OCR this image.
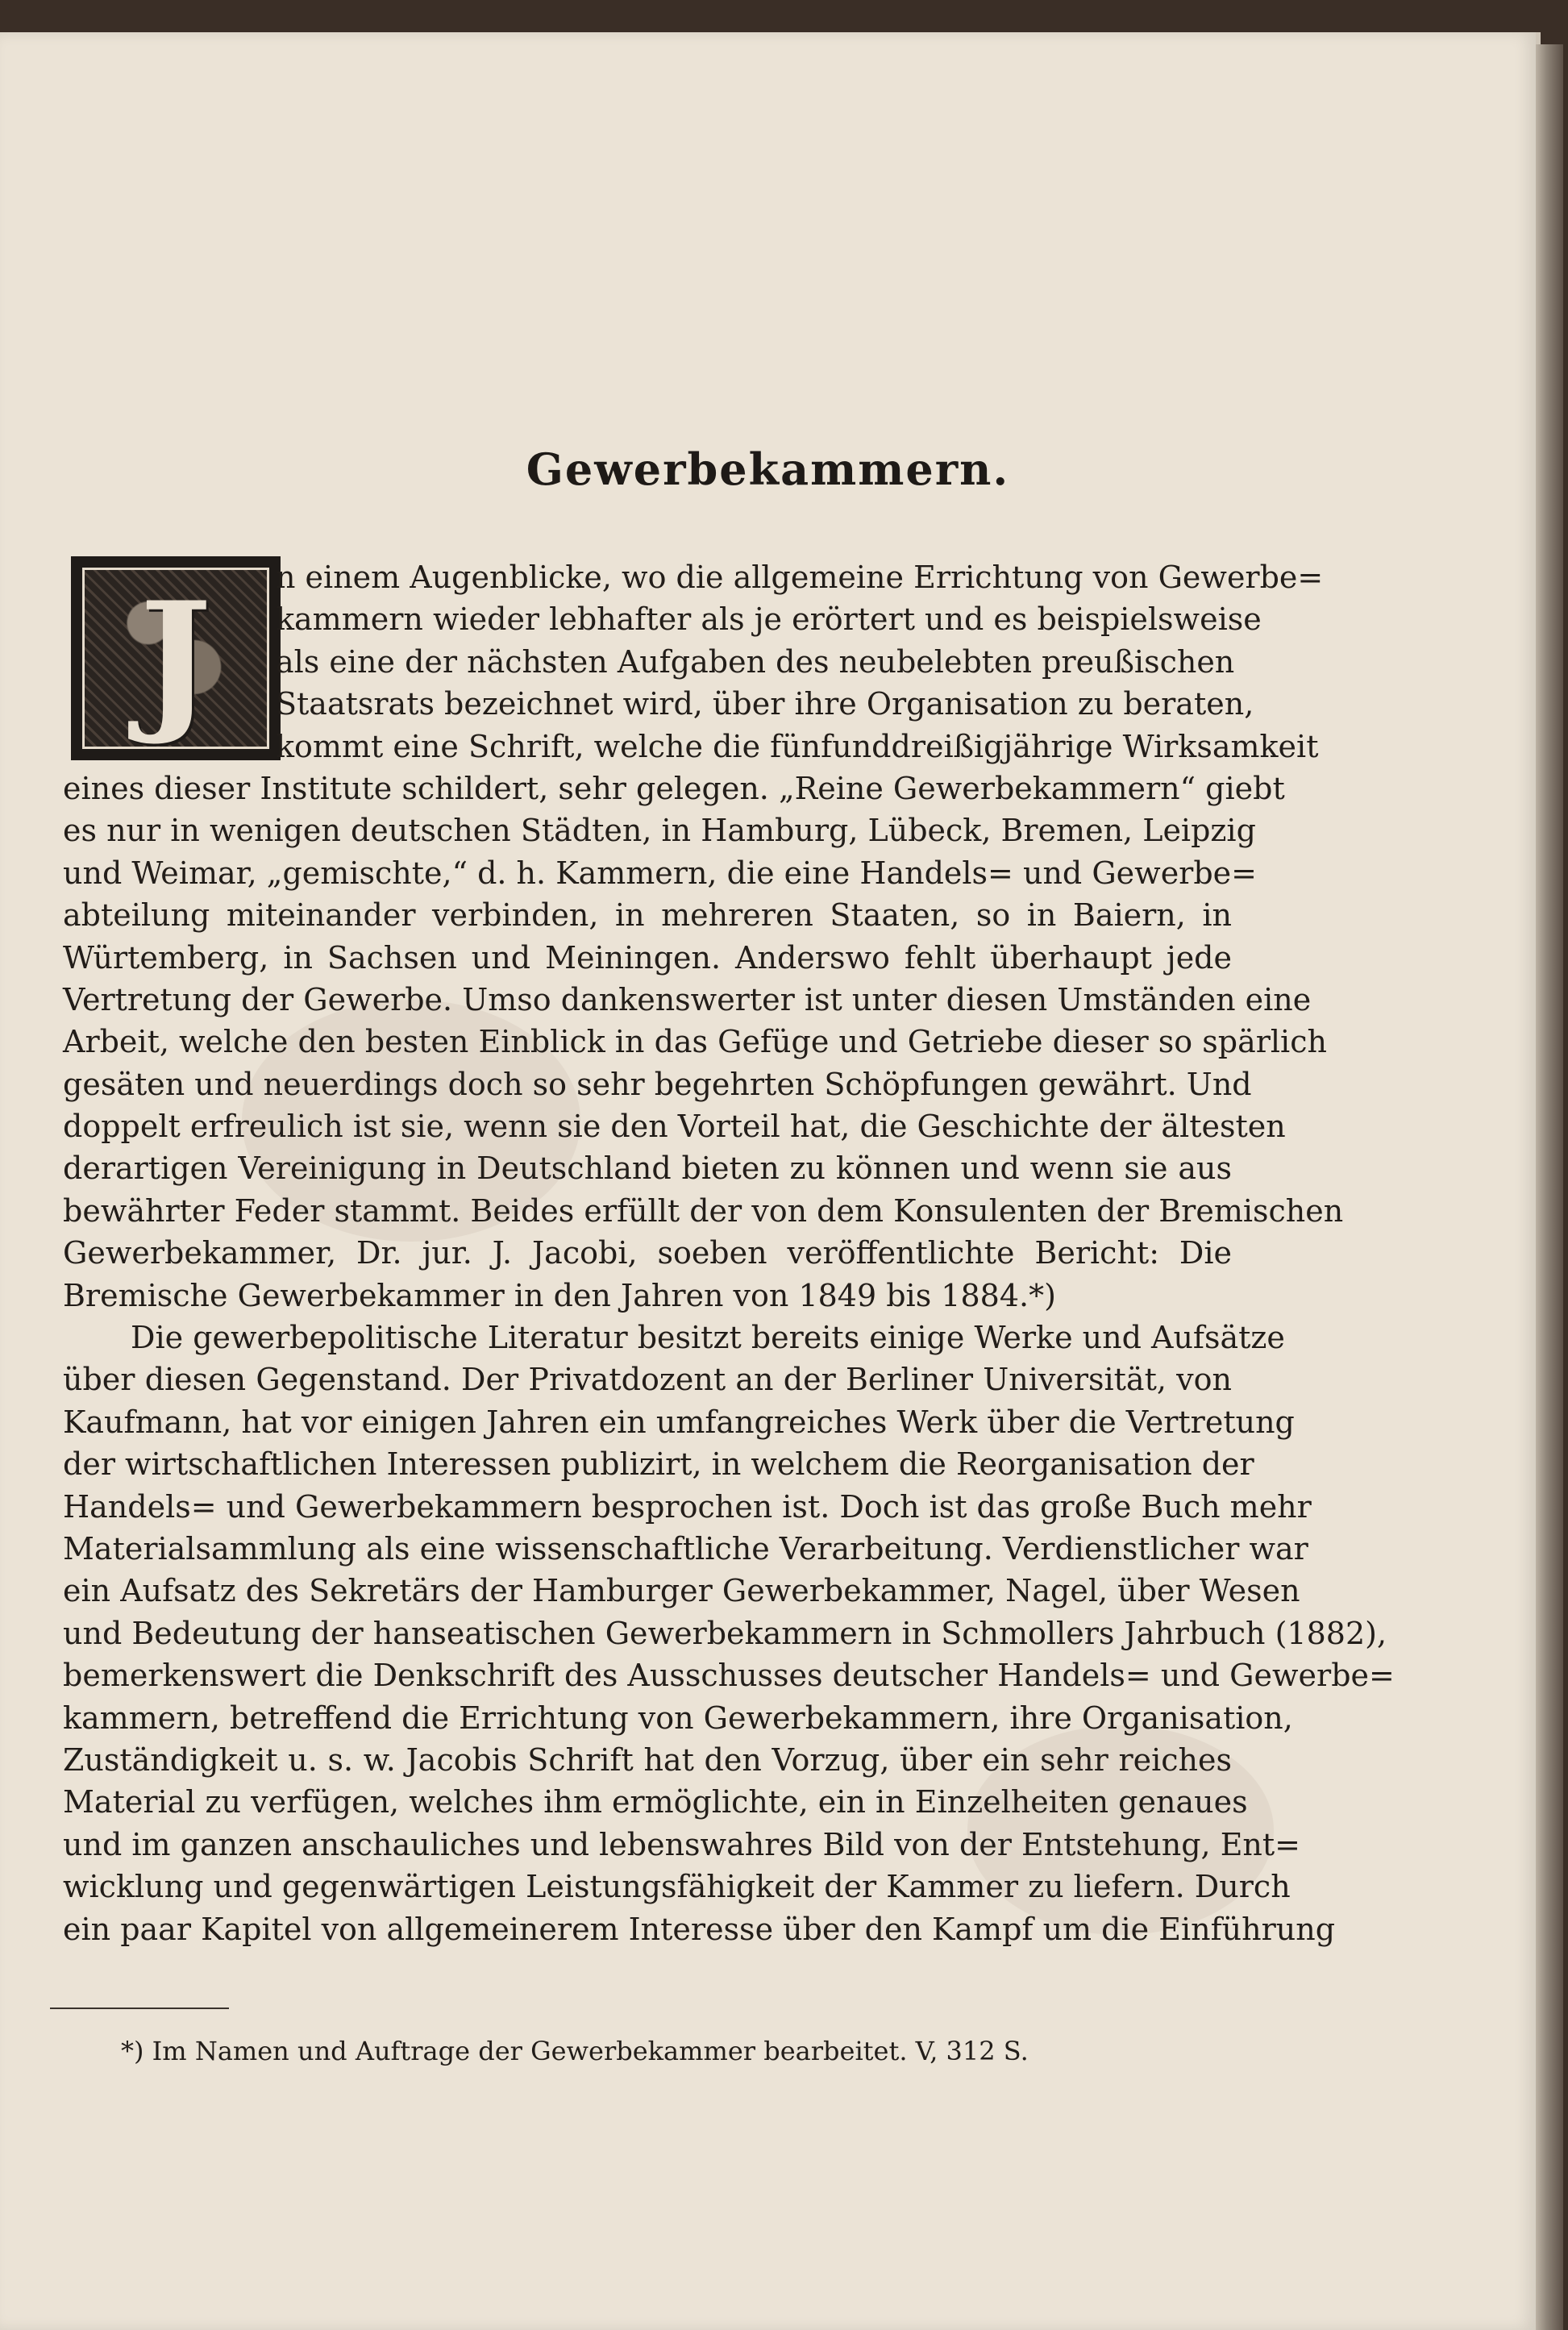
Gewerbekammern.
J	n einem Augenblicke, wo die allgemeine Errichtung von Gewerbe=
kammern wieder lebhafter als je erörtert und es beispielsweise
als eine der nächsten Aufgaben des neubelebten preußischen
Staatsrats bezeichnet wird, über ihre Organisation zu beraten,
kommt eine Schrift, welche die fünfunddreißigjährige Wirksamkeit
eines dieser Institute schildert, sehr gelegen. „Reine Gewerbekammern“ giebt
es nur in wenigen deutschen Städten, in Hamburg, Lübeck, Bremen, Leipzig
und Weimar, „gemischte,“ d. h. Kammern, die eine Handels= und Gewerbe=
abteilung miteinander verbinden, in mehreren Staaten, so in Baiern, in
Würtemberg, in Sachsen und Meiningen. Anderswo fehlt überhaupt jede
Vertretung der Gewerbe. Umso dankenswerter ist unter diesen Umständen eine
Arbeit, welche den besten Einblick in das Gefüge und Getriebe dieser so spärlich
gesäten und neuerdings doch so sehr begehrten Schöpfungen gewährt. Und
doppelt erfreulich ist sie, wenn sie den Vorteil hat, die Geschichte der ältesten
derartigen Vereinigung in Deutschland bieten zu können und wenn sie aus
bewährter Feder stammt. Beides erfüllt der von dem Konsulenten der Bremischen
Gewerbekammer, Dr. jur. J. Jacobi, soeben veröffentlichte Bericht: Die
Bremische Gewerbekammer in den Jahren von 1849 bis 1884.*)
Die gewerbepolitische Literatur besitzt bereits einige Werke und Aufsätze
über diesen Gegenstand. Der Privatdozent an der Berliner Universität, von
Kaufmann, hat vor einigen Jahren ein umfangreiches Werk über die Vertretung
der wirtschaftlichen Interessen publizirt, in welchem die Reorganisation der
Handels= und Gewerbekammern besprochen ist. Doch ist das große Buch mehr
Materialsammlung als eine wissenschaftliche Verarbeitung. Verdienstlicher war
ein Aufsatz des Sekretärs der Hamburger Gewerbekammer, Nagel, über Wesen
und Bedeutung der hanseatischen Gewerbekammern in Schmollers Jahrbuch (1882),
bemerkenswert die Denkschrift des Ausschusses deutscher Handels= und Gewerbe=
kammern, betreffend die Errichtung von Gewerbekammern, ihre Organisation,
Zuständigkeit u. s. w. Jacobis Schrift hat den Vorzug, über ein sehr reiches
Material zu verfügen, welches ihm ermöglichte, ein in Einzelheiten genaues
und im ganzen anschauliches und lebenswahres Bild von der Entstehung, Ent=
wicklung und gegenwärtigen Leistungsfähigkeit der Kammer zu liefern. Durch
ein paar Kapitel von allgemeinerem Interesse über den Kampf um die Einführung
*) Im Namen und Auftrage der Gewerbekammer bearbeitet. V, 312 S.
